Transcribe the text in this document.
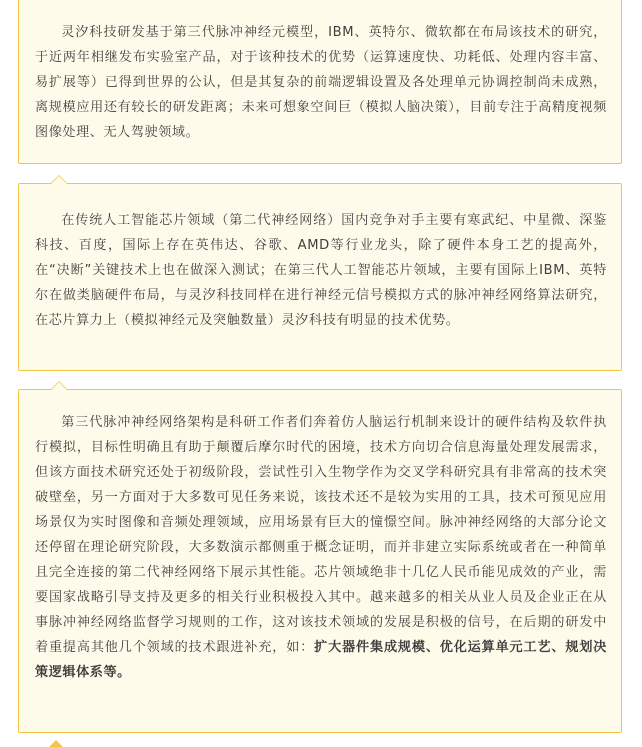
灵汐科技研发基于第三代脉冲神经元模型，IBM、英特尔、微软都在布局该技术的研究，于近两年相继发布实验室产品，对于该种技术的优势（运算速度快、功耗低、处理内容丰富、易扩展等）已得到世界的公认，但是其复杂的前端逻辑设置及各处理单元协调控制尚未成熟，离规模应用还有较长的研发距离；未来可想象空间巨（模拟人脑决策），目前专注于高精度视频图像处理、无人驾驶领域。

在传统人工智能芯片领域（第二代神经网络）国内竞争对手主要有寒武纪、中星微、深鉴科技、百度，国际上存在英伟达、谷歌、AMD等行业龙头，除了硬件本身工艺的提高外，在“决断”关键技术上也在做深入测试；在第三代人工智能芯片领域，主要有国际上IBM、英特尔在做类脑硬件布局，与灵汐科技同样在进行神经元信号模拟方式的脉冲神经网络算法研究，在芯片算力上（模拟神经元及突触数量）灵汐科技有明显的技术优势。

第三代脉冲神经网络架构是科研工作者们奔着仿人脑运行机制来设计的硬件结构及软件执行模拟，目标性明确且有助于颠覆后摩尔时代的困境，技术方向切合信息海量处理发展需求，但该方面技术研究还处于初级阶段，尝试性引入生物学作为交叉学科研究具有非常高的技术突破壁垒，另一方面对于大多数可见任务来说，该技术还不是较为实用的工具，技术可预见应用场景仅为实时图像和音频处理领域，应用场景有巨大的憧憬空间。脉冲神经网络的大部分论文还停留在理论研究阶段，大多数演示都侧重于概念证明，而并非建立实际系统或者在一种简单且完全连接的第二代神经网络下展示其性能。芯片领域绝非十几亿人民币能见成效的产业，需要国家战略引导支持及更多的相关行业积极投入其中。越来越多的相关从业人员及企业正在从事脉冲神经网络监督学习规则的工作，这对该技术领域的发展是积极的信号，在后期的研发中着重提高其他几个领域的技术跟进补充，如：扩大器件集成规模、优化运算单元工艺、规划决策逻辑体系等。
